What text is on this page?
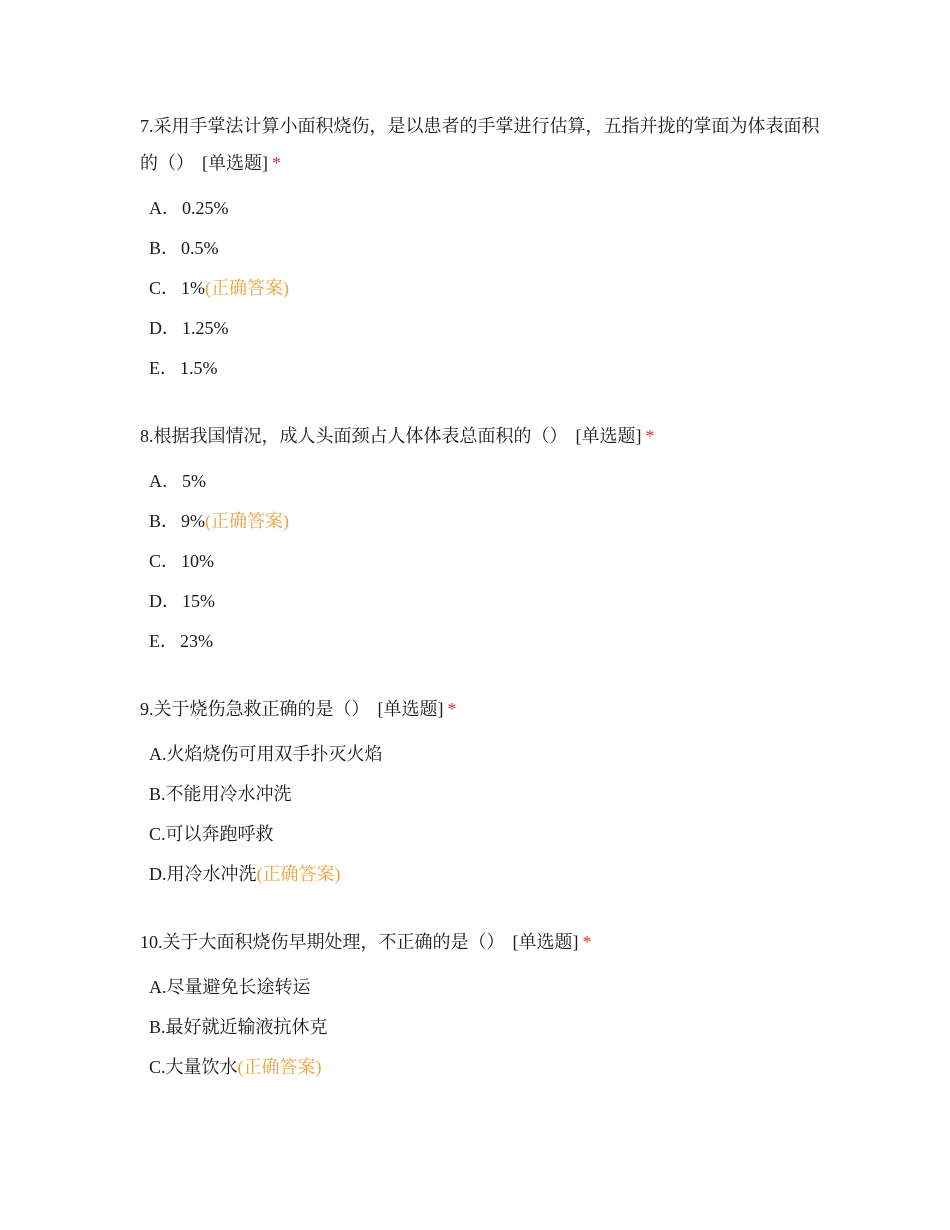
7.采用手掌法计算小面积烧伤，是以患者的手掌进行估算，五指并拢的掌面为体表面积的（） [单选题] *
A． 0.25%
B． 0.5%
C． 1%(正确答案)
D． 1.25%
E． 1.5%
8.根据我国情况，成人头面颈占人体体表总面积的（） [单选题] *
A． 5%
B． 9%(正确答案)
C． 10%
D． 15%
E． 23%
9.关于烧伤急救正确的是（） [单选题] *
A.火焰烧伤可用双手扑灭火焰
B.不能用冷水冲洗
C.可以奔跑呼救
D.用冷水冲洗(正确答案)
10.关于大面积烧伤早期处理，不正确的是（） [单选题] *
A.尽量避免长途转运
B.最好就近输液抗休克
C.大量饮水(正确答案)
